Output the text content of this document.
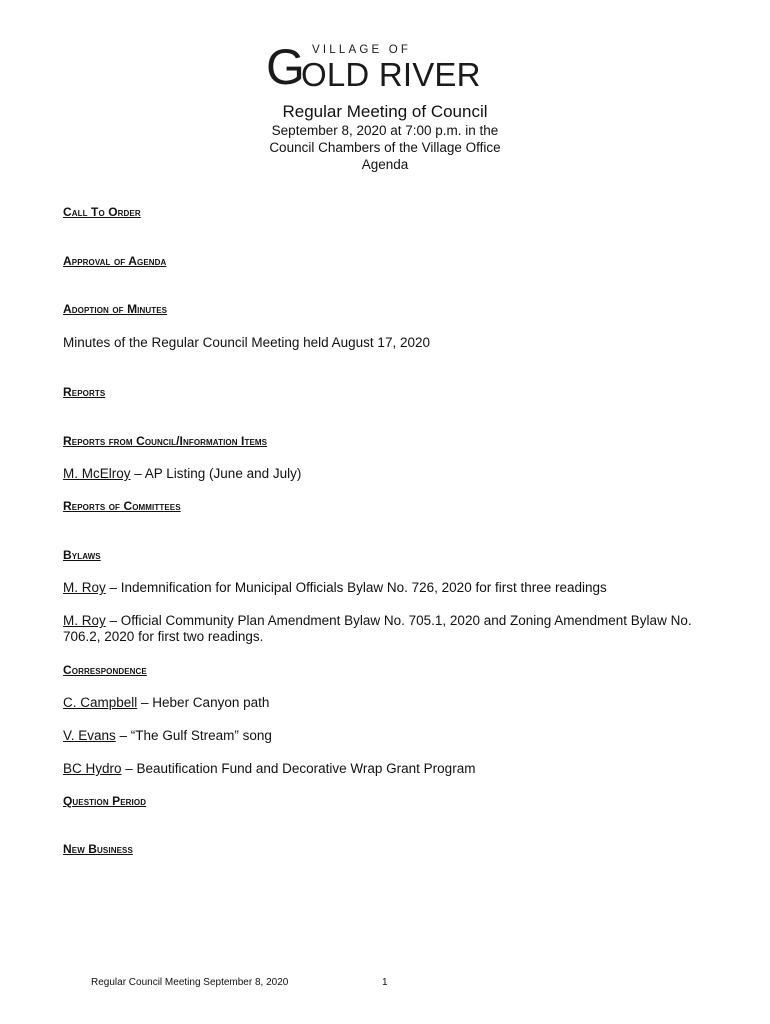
G VILLAGE OF
OLD RIVER
Regular Meeting of Council
September 8, 2020 at 7:00 p.m. in the
Council Chambers of the Village Office
Agenda
Call To Order
Approval of Agenda
Adoption of Minutes
Minutes of the Regular Council Meeting held August 17, 2020
Reports
Reports from Council/Information Items
M. McElroy – AP Listing (June and July)
Reports of Committees
Bylaws
M. Roy – Indemnification for Municipal Officials Bylaw No. 726, 2020 for first three readings
M. Roy – Official Community Plan Amendment Bylaw No. 705.1, 2020 and Zoning Amendment Bylaw No. 706.2, 2020 for first two readings.
Correspondence
C. Campbell – Heber Canyon path
V. Evans – “The Gulf Stream” song
BC Hydro – Beautification Fund and Decorative Wrap Grant Program
Question Period
New Business
Regular Council Meeting September 8, 2020	1
